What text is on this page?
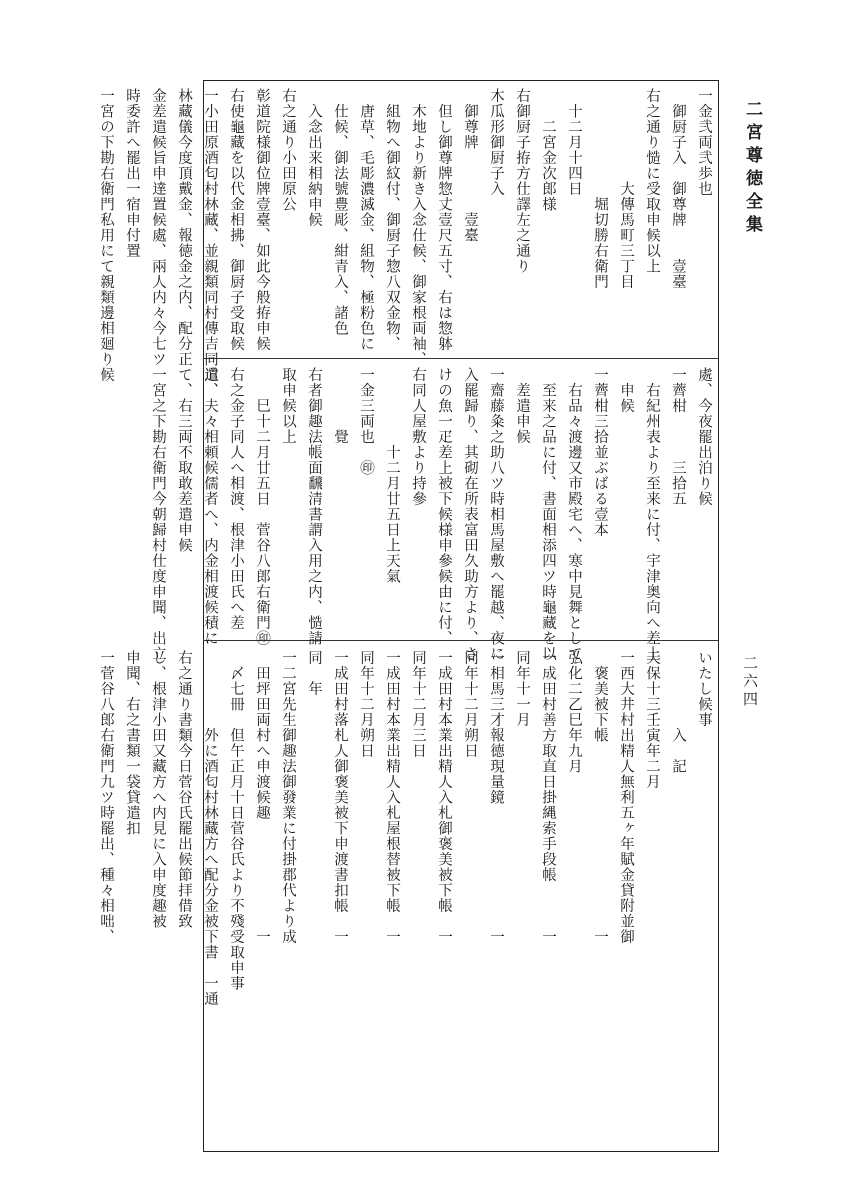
二宮尊徳全集
二六四
一金弐両弐歩也
　御厨子入　御尊牌　　壹臺
右之通り慥に受取申候以上
　　　　　　大傳馬町三丁目
　　　　　　　堀切勝右衛門
　十二月十四日
　　二宮金次郎様
右御厨子拵方仕譯左之通り
木瓜形御厨子入
　御尊牌　　　　壹臺
　但し御尊牌惣丈壹尺五寸、右は惣躰
　木地より新き入念仕候、御家根両袖、
　組物へ御紋付、御厨子惣八双金物、
　唐草、毛彫濃滅金、組物、極粉色に
　仕候、御法號豊彫、紺青入、諸色
　入念出来相納申候
右之通り小田原公
彰道院様御位牌壹臺、如此今般拵申候
右使龜藏を以代金相拂、御厨子受取候
一小田原酒匂村林藏、並親類同村傳吉同道、
林藏儀今度頂戴金、報徳金之内、配分正
金差遣候旨申達置候處、兩人内々今七ツ
時委許へ罷出一宿申付置
一宮の下勘右衛門私用にて親類邊相廻り候
處、今夜罷出泊り候
一薺柑　　　三拾五
　右紀州表より至来に付、宇津奥向へ差上
　申候
一薺柑三拾並ぶばる壹本
　右品々渡邊又市殿宅へ、寒中見舞として
　至来之品に付、書面相添四ツ時龜藏を以
　差遣申候
一齋藤粂之助八ツ時相馬屋敷へ罷越、夜に
入罷歸り、其砌在所表富田久助方より、さ
けの魚一疋差上被下候様申參候由に付、
右同人屋敷より持參
　　　　　十二月廿五日上天氣
一金三両也　㊞
　　　　覺
右者御趣法帳面飜清書謂入用之内、慥請
取申候以上
　　巳十二月廿五日　菅谷八郎右衛門㊞
右之金子同人へ相渡、根津小田氏へ差
遣、夫々相頼候儒者へ、内金相渡候積に
て、右三両不取敢差遣申候
一宮之下勘右衛門今朝歸村仕度申聞、出立
いたし候事
　　　　　入　記
天保十三壬寅年二月
一西大井村出精人無利五ヶ年賦金貸附並御
　褒美被下帳　　　　　　　　　　　　一
弘化二乙巳年九月
一成田村善方取直日掛縄索手段帳　　　一
同年十一月
一相馬三才報德現量鏡　　　　　　　　一
同年十二月朔日
一成田村本業出精人入札御褒美被下帳　一
同年十二月三日
一成田村本業出精人入札屋根替被下帳　一
同年十二月朔日
一成田村落札人御褒美被下申渡書扣帳　一
同　年
一二宮先生御趣法御發業に付掛郡代より成
　田坪田両村へ申渡候趣　　　　　　　一
　〆七冊　但午正月十日菅谷氏より不殘受取申事
　　　　　外に酒匂村林藏方へ配分金被下書　一通
右之通り書類今日菅谷氏罷出候節拝借致
し、根津小田又藏方へ内見に入申度趣被
申聞、右之書類一袋貸遣扣
一菅谷八郎右衛門九ツ時罷出、種々相咄、
